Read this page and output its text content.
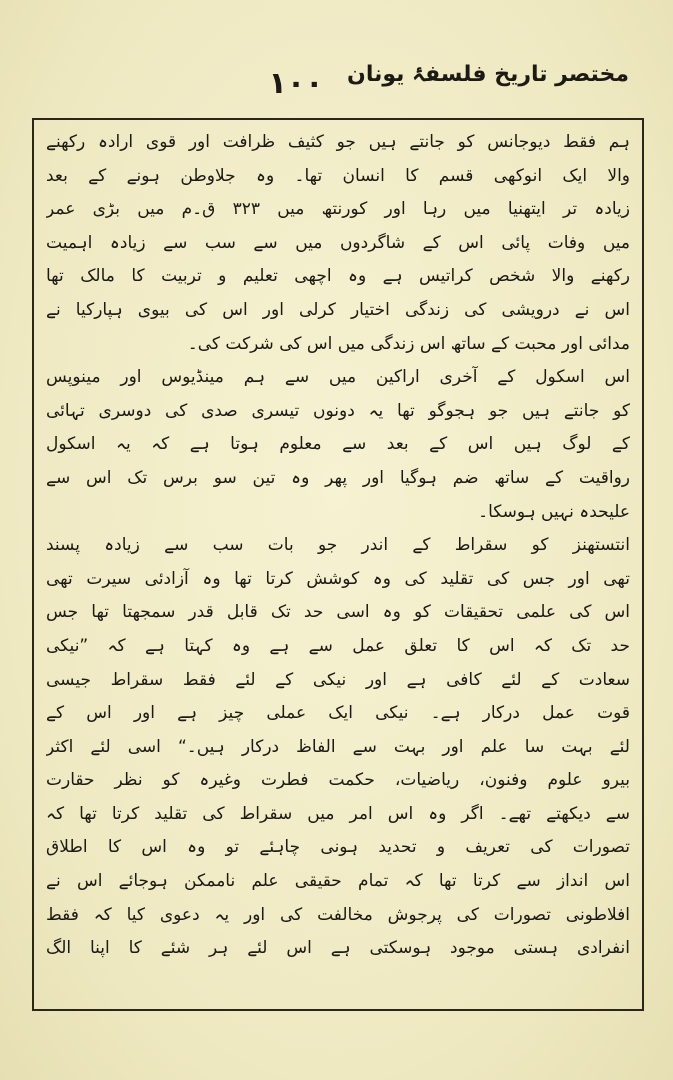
۱۰۰ مختصر تاریخ فلسفۂ یونان
ہم فقط دیوجانس کو جانتے ہیں جو کثیف ظرافت اور قوی ارادہ رکھنے
والا ایک انوکھی قسم کا انسان تھا۔ وہ جلاوطن ہونے کے بعد
زیادہ تر ایتھنیا میں رہا اور کورنتھ میں ۳۲۳ ق۔م میں بڑی عمر
میں وفات پائی اس کے شاگردوں میں سے سب سے زیادہ اہمیت
رکھنے والا شخص کراتیس ہے وہ اچھی تعلیم و تربیت کا مالک تھا
اس نے درویشی کی زندگی اختیار کرلی اور اس کی بیوی ہپارکیا نے
مدائی اور محبت کے ساتھ اس زندگی میں اس کی شرکت کی۔
اس اسکول کے آخری اراکین میں سے ہم مینڈیوس اور مینوپس
کو جانتے ہیں جو ہجوگو تھا یہ دونوں تیسری صدی کی دوسری تہائی
کے لوگ ہیں اس کے بعد سے معلوم ہوتا ہے کہ یہ اسکول
رواقیت کے ساتھ ضم ہوگیا اور پھر وہ تین سو برس تک اس سے
علیحدہ نہیں ہوسکا۔
انتستھنز کو سقراط کے اندر جو بات سب سے زیادہ پسند
تھی اور جس کی تقلید کی وہ کوشش کرتا تھا وہ آزادئی سیرت تھی
اس کی علمی تحقیقات کو وہ اسی حد تک قابل قدر سمجھتا تھا جس
حد تک کہ اس کا تعلق عمل سے ہے وہ کہتا ہے کہ ”نیکی
سعادت کے لئے کافی ہے اور نیکی کے لئے فقط سقراط جیسی
قوت عمل درکار ہے۔ نیکی ایک عملی چیز ہے اور اس کے
لئے بہت سا علم اور بہت سے الفاظ درکار ہیں۔“ اسی لئے اکثر
بیرو علوم وفنون، ریاضیات، حکمت فطرت وغیرہ کو نظر حقارت
سے دیکھتے تھے۔ اگر وہ اس امر میں سقراط کی تقلید کرتا تھا کہ
تصورات کی تعریف و تحدید ہونی چاہئے تو وہ اس کا اطلاق
اس انداز سے کرتا تھا کہ تمام حقیقی علم ناممکن ہوجائے اس نے
افلاطونی تصورات کی پرجوش مخالفت کی اور یہ دعوی کیا کہ فقط
انفرادی ہستی موجود ہوسکتی ہے اس لئے ہر شئے کا اپنا الگ
